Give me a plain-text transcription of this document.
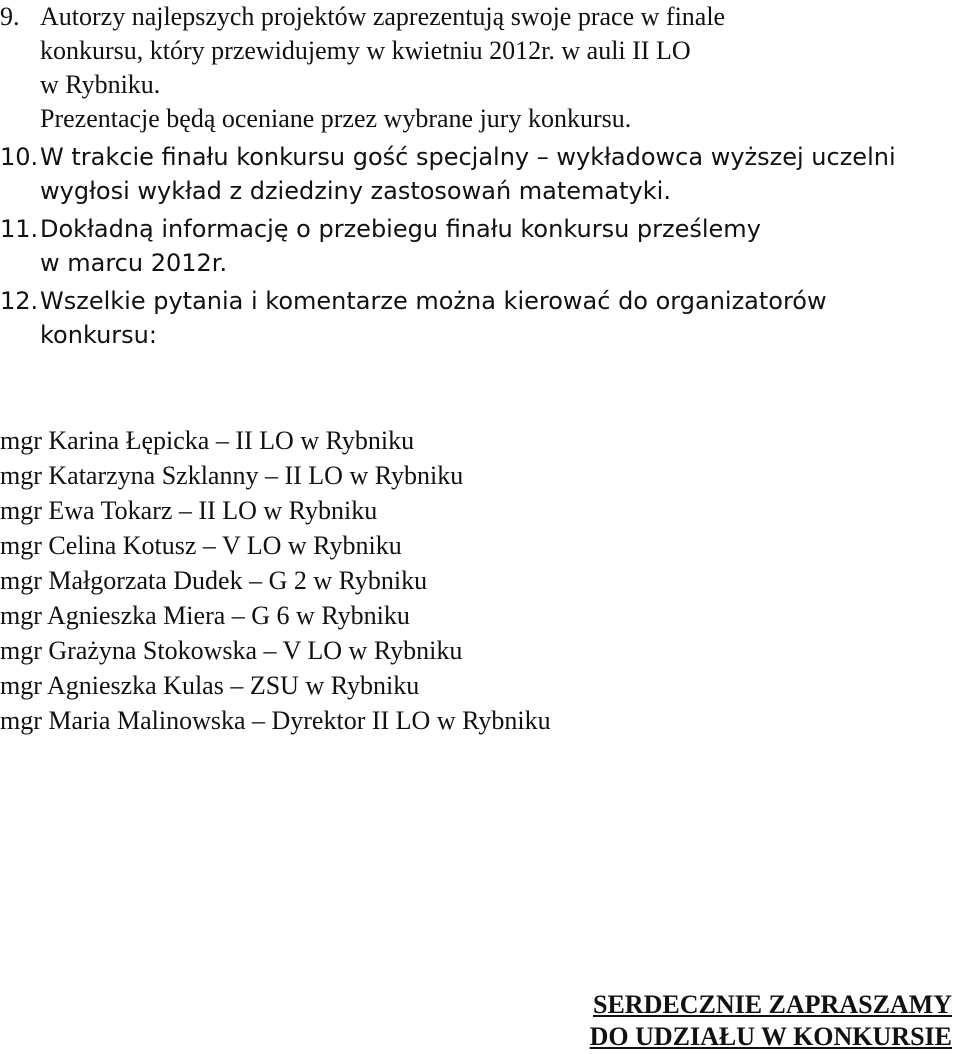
9. Autorzy najlepszych projektów zaprezentują swoje prace w finale
konkursu, który przewidujemy w kwietniu 2012r. w auli II LO
w Rybniku.
Prezentacje będą oceniane przez wybrane jury konkursu.
10. W trakcie finału konkursu gość specjalny – wykładowca wyższej uczelni
wygłosi wykład z dziedziny zastosowań matematyki.
11. Dokładną informację o przebiegu finału konkursu prześlemy
w marcu 2012r.
12. Wszelkie pytania i komentarze można kierować do organizatorów
konkursu:
mgr Karina Łępicka – II LO w Rybniku
mgr Katarzyna Szklanny – II LO w Rybniku
mgr Ewa Tokarz – II LO w Rybniku
mgr Celina Kotusz – V LO w Rybniku
mgr Małgorzata Dudek – G 2 w Rybniku
mgr Agnieszka Miera – G 6 w Rybniku
mgr Grażyna Stokowska – V LO w Rybniku
mgr Agnieszka Kulas – ZSU w Rybniku
mgr Maria Malinowska – Dyrektor II LO w Rybniku
SERDECZNIE ZAPRASZAMY
DO UDZIAŁU W KONKURSIE
